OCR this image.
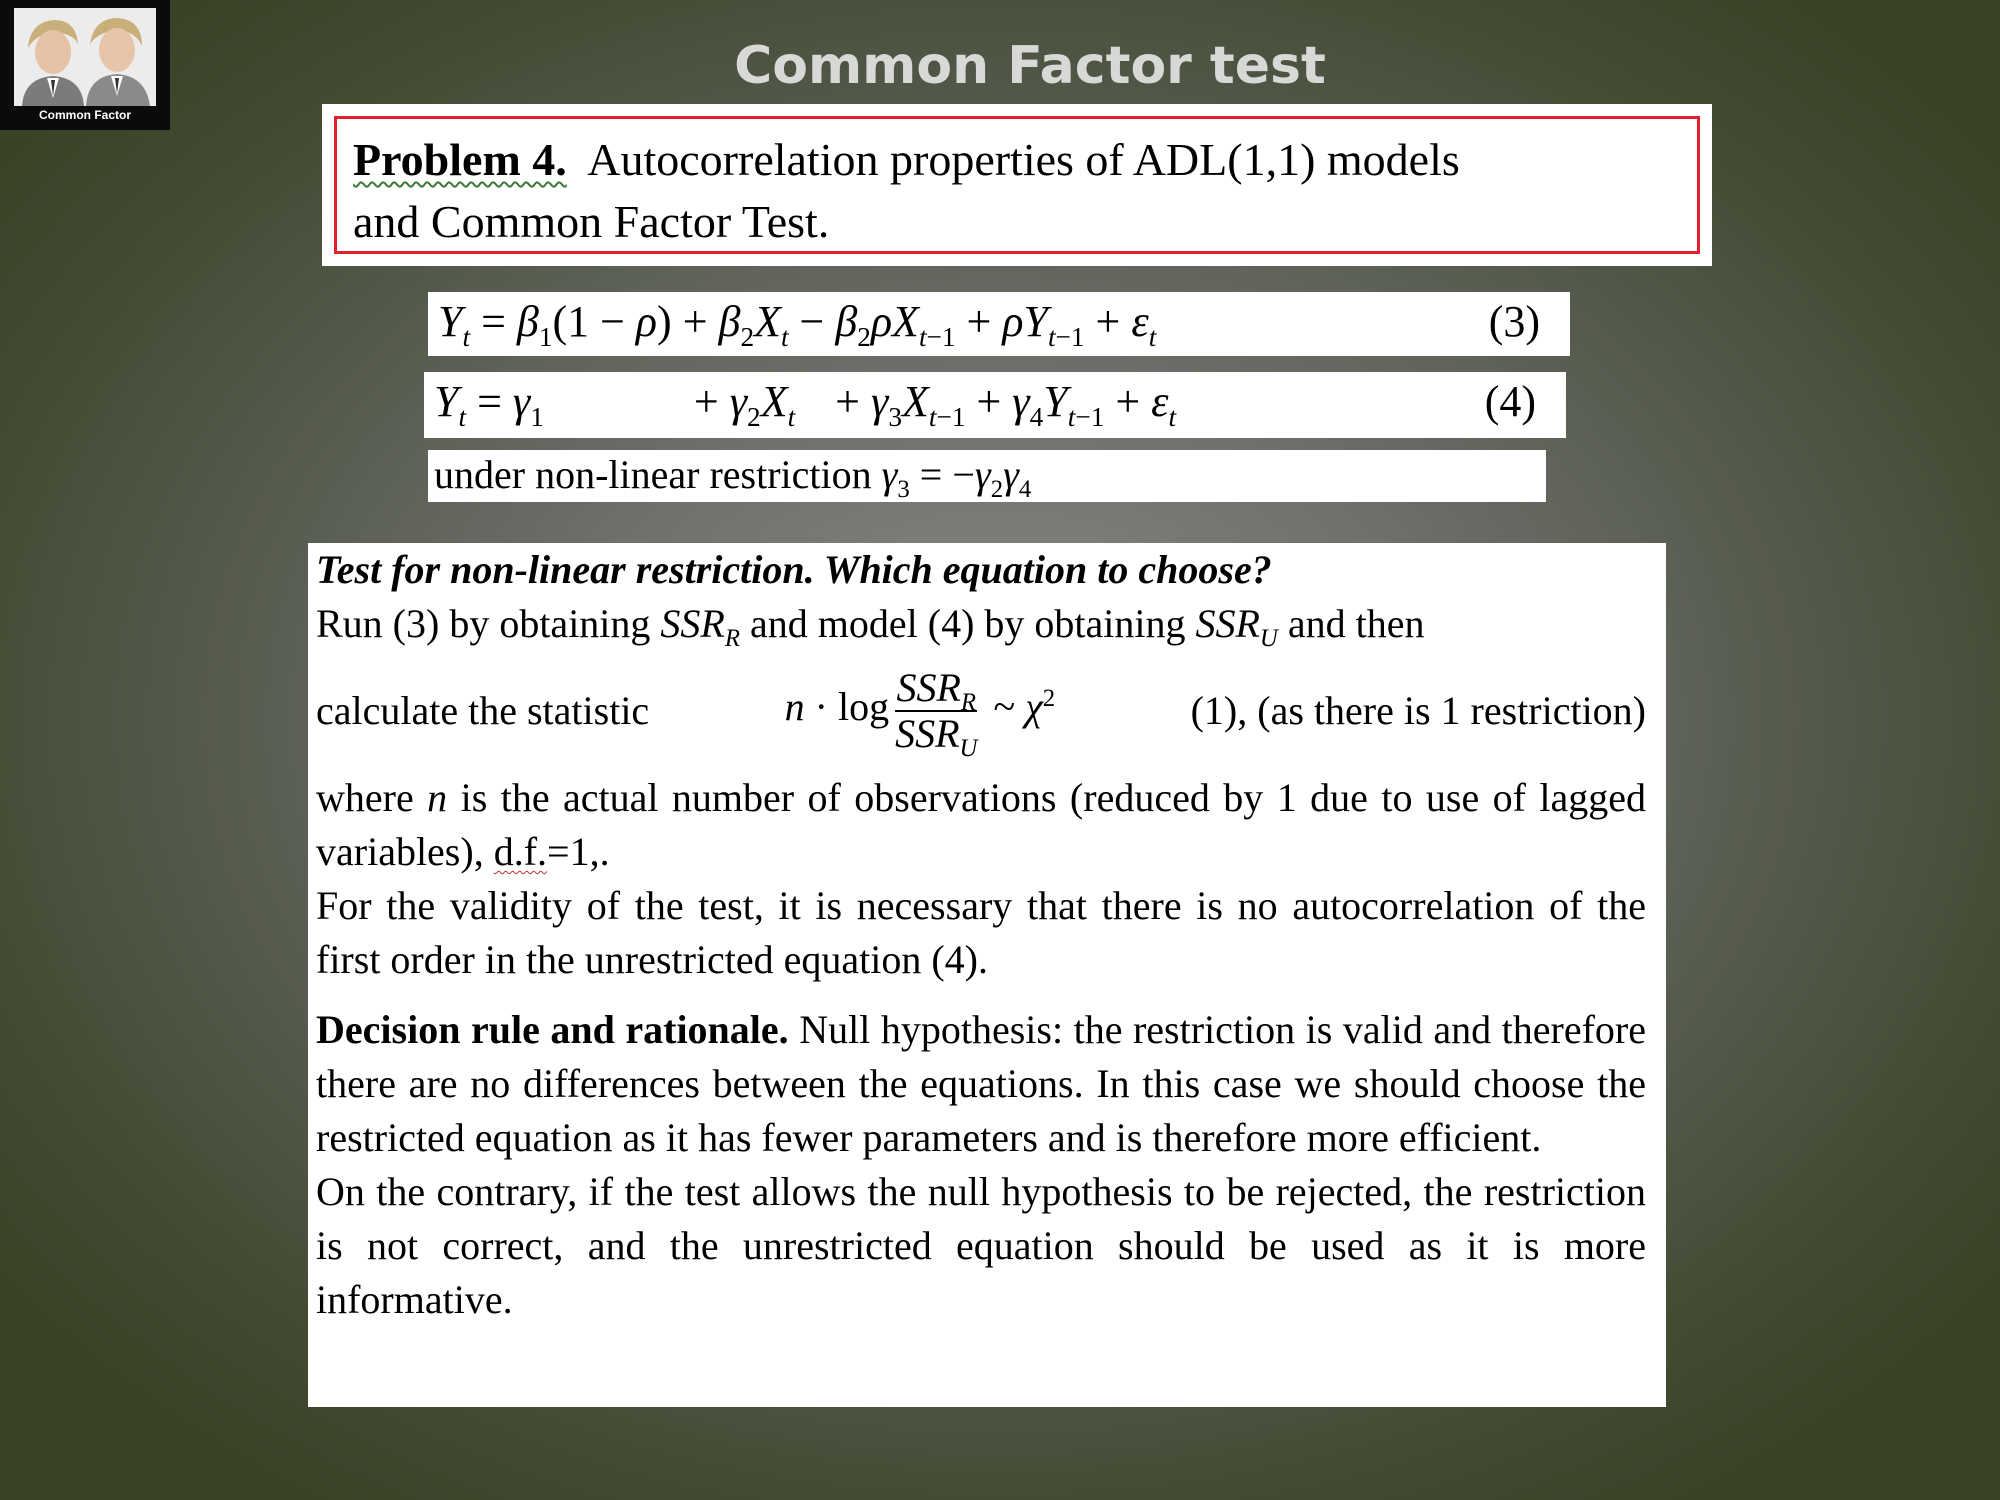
Common Factor
Common Factor test
Problem 4. Autocorrelation properties of ADL(1,1) models
and Common Factor Test.
$Y_t = \beta_1(1 - \rho) + \beta_2X_t - \beta_2\rho X_{t-1} + \rho Y_{t-1} + \varepsilon_t$	(3)
$Y_t = \gamma_1$	+ $\gamma_2X_t + \gamma_3X_{t-1} + \gamma_4Y_{t-1} + \varepsilon_t$	(4)
under non-linear restriction $\gamma_3 = -\gamma_2\gamma_4$

Test for non-linear restriction. Which equation to choose?

Run (3) by obtaining $SSR_R$ and model (4) by obtaining $SSR_U$ and then

calculate the statistic	$n \cdot \log \frac{SSR_R}{SSR_U}$ ~ $\chi^2$	(1), (as there is 1 restriction)

where n is the actual number of observations (reduced by 1 due to use of lagged variables), d.f.=1,.

For the validity of the test, it is necessary that there is no autocorrelation of the first order in the unrestricted equation (4).

Decision rule and rationale. Null hypothesis: the restriction is valid and therefore there are no differences between the equations. In this case we should choose the restricted equation as it has fewer parameters and is therefore more efficient.

On the contrary, if the test allows the null hypothesis to be rejected, the restriction is not correct, and the unrestricted equation should be used as it is more informative.
